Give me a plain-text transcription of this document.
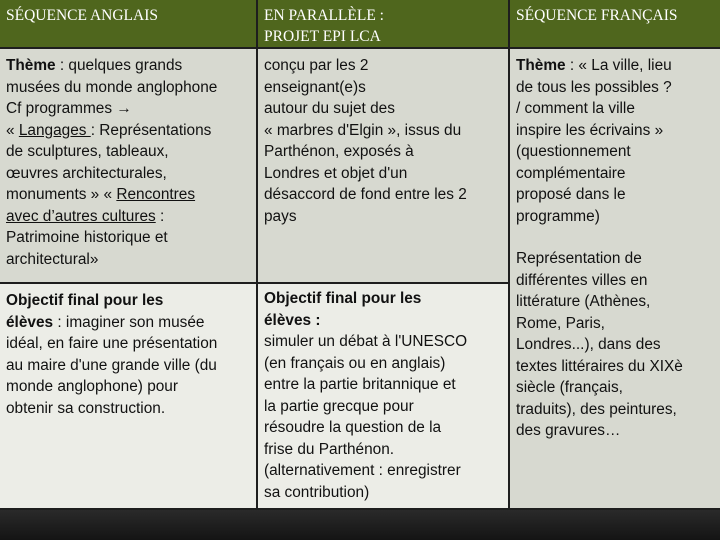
SÉQUENCE ANGLAIS	EN PARALLÈLE :
PROJET EPI LCA
SÉQUENCE FRANÇAIS
Thème : quelques grands
musées du monde anglophone
Cf programmes →
« Langages : Représentations
de sculptures, tableaux,
œuvres architecturales,
monuments » « Rencontres
avec d’autres cultures :
Patrimoine historique et
architectural»
Objectif final pour les
élèves : imaginer son musée
idéal, en faire une présentation
au maire d'une grande ville (du
monde anglophone) pour
obtenir sa construction.
conçu par les 2
enseignant(e)s
autour du sujet des
« marbres d'Elgin », issus du
Parthénon, exposés à
Londres et objet d'un
désaccord de fond entre les 2
pays
Objectif final pour les
élèves :
simuler un débat à l'UNESCO
(en français ou en anglais)
entre la partie britannique et
la partie grecque pour
résoudre la question de la
frise du Parthénon.
(alternativement : enregistrer
sa contribution)
Thème : « La ville, lieu
de tous les possibles ?
/ comment la ville
inspire les écrivains »
(questionnement
complémentaire
proposé dans le
programme)
Représentation de
différentes villes en
littérature (Athènes,
Rome, Paris,
Londres...), dans des
textes littéraires du XIXè
siècle (français,
traduits), des peintures,
des gravures…
